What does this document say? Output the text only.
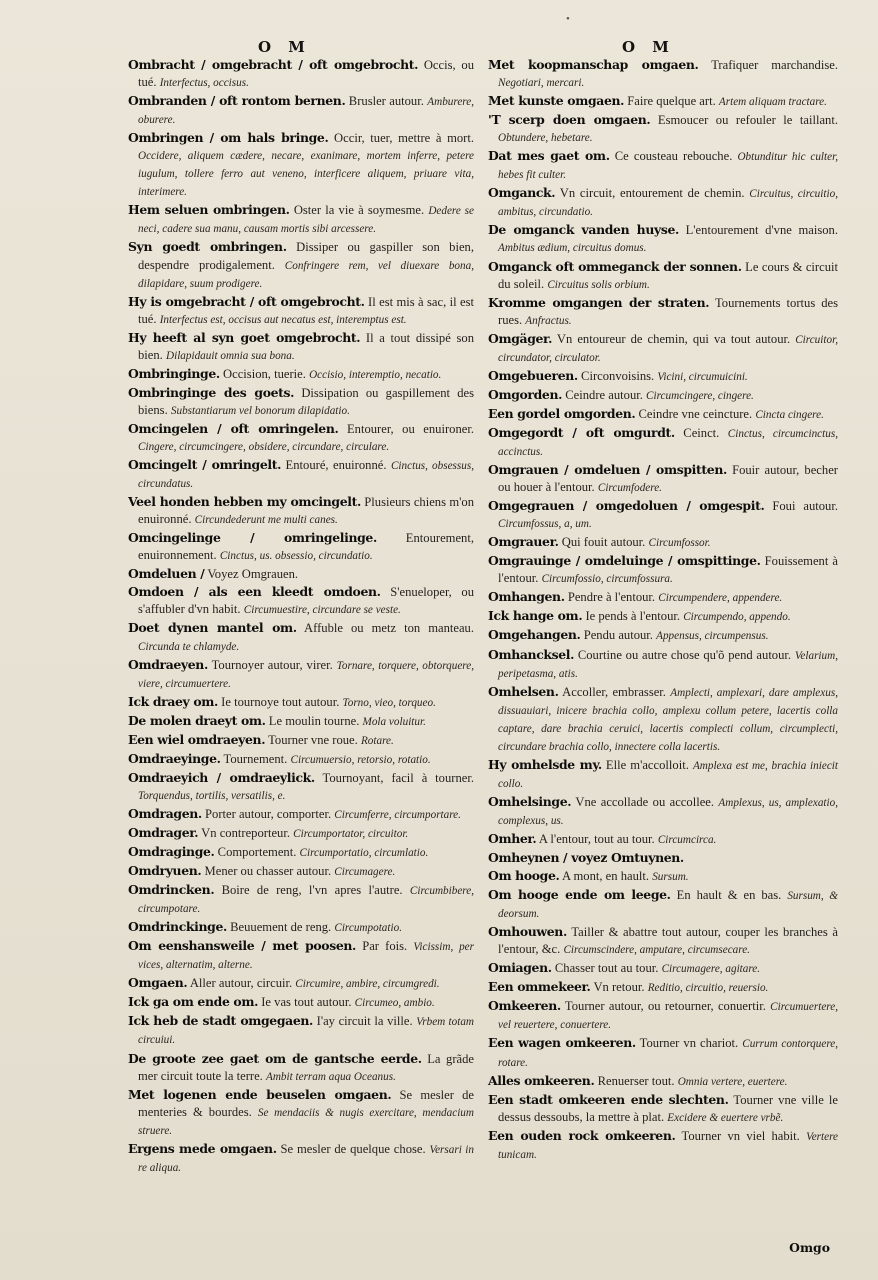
•
O M	O M

Ombracht / omgebracht / oft omgebrocht. Occis, ou tué. Interfectus, occisus.

Ombranden / oft rontom bernen. Brusler autour. Amburere, oburere.

Ombringen / om hals bringe. Occir, tuer, mettre à mort. Occidere, aliquem cædere, necare, exanimare, mortem inferre, petere iugulum, tollere ferro aut veneno, interficere aliquem, priuare vita, interimere.

Hem seluen ombringen. Oster la vie à soymesme. Dedere se neci, cadere sua manu, causam mortis sibi arcessere.

Syn goedt ombringen. Dissiper ou gaspiller son bien, despendre prodigalement. Confringere rem, vel diuexare bona, dilapidare, suum prodigere.

Hy is omgebracht / oft omgebrocht. Il est mis à sac, il est tué. Interfectus est, occisus aut necatus est, interemptus est.

Hy heeft al syn goet omgebrocht. Il a tout dissipé son bien. Dilapidauit omnia sua bona.

Ombringinge. Occision, tuerie. Occisio, interemptio, necatio.

Ombringinge des goets. Dissipation ou gaspillement des biens. Substantiarum vel bonorum dilapidatio.

Omcingelen / oft omringelen. Entourer, ou enuironer. Cingere, circumcingere, obsidere, circundare, circulare.

Omcingelt / omringelt. Entouré, enuironné. Cinctus, obsessus, circundatus.

Veel honden hebben my omcingelt. Plusieurs chiens m'on enuironné. Circundederunt me multi canes.

Omcingelinge / omringelinge. Entourement, enuironnement. Cinctus, us. obsessio, circundatio.

Omdeluen / Voyez Omgrauen.

Omdoen / als een kleedt omdoen. S'enueloper, ou s'affubler d'vn habit. Circumuestire, circundare se veste.

Doet dynen mantel om. Affuble ou metz ton manteau. Circunda te chlamyde.

Omdraeyen. Tournoyer autour, virer. Tornare, torquere, obtorquere, viere, circumuertere.

Ick draey om. Ie tournoye tout autour. Torno, vieo, torqueo.

De molen draeyt om. Le moulin tourne. Mola voluitur.

Een wiel omdraeyen. Tourner vne roue. Rotare.

Omdraeyinge. Tournement. Circumuersio, retorsio, rotatio.

Omdraeyich / omdraeylick. Tournoyant, facil à tourner. Torquendus, tortilis, versatilis, e.

Omdragen. Porter autour, comporter. Circumferre, circumportare.

Omdrager. Vn contreporteur. Circumportator, circuitor.

Omdraginge. Comportement. Circumportatio, circumlatio.

Omdryuen. Mener ou chasser autour. Circumagere.

Omdrincken. Boire de reng, l'vn apres l'autre. Circumbibere, circumpotare.

Omdrinckinge. Beuuement de reng. Circumpotatio.

Om eenshansweile / met poosen. Par fois. Vicissim, per vices, alternatim, alterne.

Omgaen. Aller autour, circuir. Circumire, ambire, circumgredi.

Ick ga om ende om. Ie vas tout autour. Circumeo, ambio.

Ick heb de stadt omgegaen. I'ay circuit la ville. Vrbem totam circuiui.

De groote zee gaet om de gantsche eerde. La grãde mer circuit toute la terre. Ambit terram aqua Oceanus.

Met logenen ende beuselen omgaen. Se mesler de menteries & bourdes. Se mendaciis & nugis exercitare, mendacium struere.

Ergens mede omgaen. Se mesler de quelque chose. Versari in re aliqua.

Met koopmanschap omgaen. Trafiquer marchandise. Negotiari, mercari.

Met kunste omgaen. Faire quelque art. Artem aliquam tractare.

'T scerp doen omgaen. Esmoucer ou refouler le taillant. Obtundere, hebetare.

Dat mes gaet om. Ce cousteau rebouche. Obtunditur hic culter, hebes fit culter.

Omganck. Vn circuit, entourement de chemin. Circuitus, circuitio, ambitus, circundatio.

De omganck vanden huyse. L'entourement d'vne maison. Ambitus ædium, circuitus domus.

Omganck oft ommeganck der sonnen. Le cours & circuit du soleil. Circuitus solis orbium.

Kromme omgangen der straten. Tournements tortus des rues. Anfractus.

Omgäger. Vn entoureur de chemin, qui va tout autour. Circuitor, circundator, circulator.

Omgebueren. Circonvoisins. Vicini, circumuicini.

Omgorden. Ceindre autour. Circumcingere, cingere.

Een gordel omgorden. Ceindre vne ceincture. Cincta cingere.

Omgegordt / oft omgurdt. Ceinct. Cinctus, circumcinctus, accinctus.

Omgrauen / omdeluen / omspitten. Fouir autour, becher ou houer à l'entour. Circumfodere.

Omgegrauen / omgedoluen / omgespit. Foui autour. Circumfossus, a, um.

Omgrauer. Qui fouit autour. Circumfossor.

Omgrauinge / omdeluinge / omspittinge. Fouissement à l'entour. Circumfossio, circumfossura.

Omhangen. Pendre à l'entour. Circumpendere, appendere.

Ick hange om. Ie pends à l'entour. Circumpendo, appendo.

Omgehangen. Pendu autour. Appensus, circumpensus.

Omhancksel. Courtine ou autre chose qu'õ pend autour. Velarium, peripetasma, atis.

Omhelsen. Accoller, embrasser. Amplecti, amplexari, dare amplexus, dissuauiari, inicere brachia collo, amplexu collum petere, lacertis colla captare, dare brachia ceruici, lacertis complecti collum, circumplecti, circundare brachia collo, innectere colla lacertis.

Hy omhelsde my. Elle m'accolloit. Amplexa est me, brachia iniecit collo.

Omhelsinge. Vne accollade ou accollee. Amplexus, us, amplexatio, complexus, us.

Omher. A l'entour, tout au tour. Circumcirca.

Omheynen / voyez Omtuynen.

Om hooge. A mont, en hault. Sursum.

Om hooge ende om leege. En hault & en bas. Sursum, & deorsum.

Omhouwen. Tailler & abattre tout autour, couper les branches à l'entour, &c. Circumscindere, amputare, circumsecare.

Omiagen. Chasser tout au tour. Circumagere, agitare.

Een ommekeer. Vn retour. Reditio, circuitio, reuersio.

Omkeeren. Tourner autour, ou retourner, conuertir. Circumuertere, vel reuertere, conuertere.

Een wagen omkeeren. Tourner vn chariot. Currum contorquere, rotare.

Alles omkeeren. Renuerser tout. Omnia vertere, euertere.

Een stadt omkeeren ende slechten. Tourner vne ville le dessus dessoubs, la mettre à plat. Excidere & euertere vrbẽ.

Een ouden rock omkeeren. Tourner vn viel habit. Vertere tunicam.

Omgo
